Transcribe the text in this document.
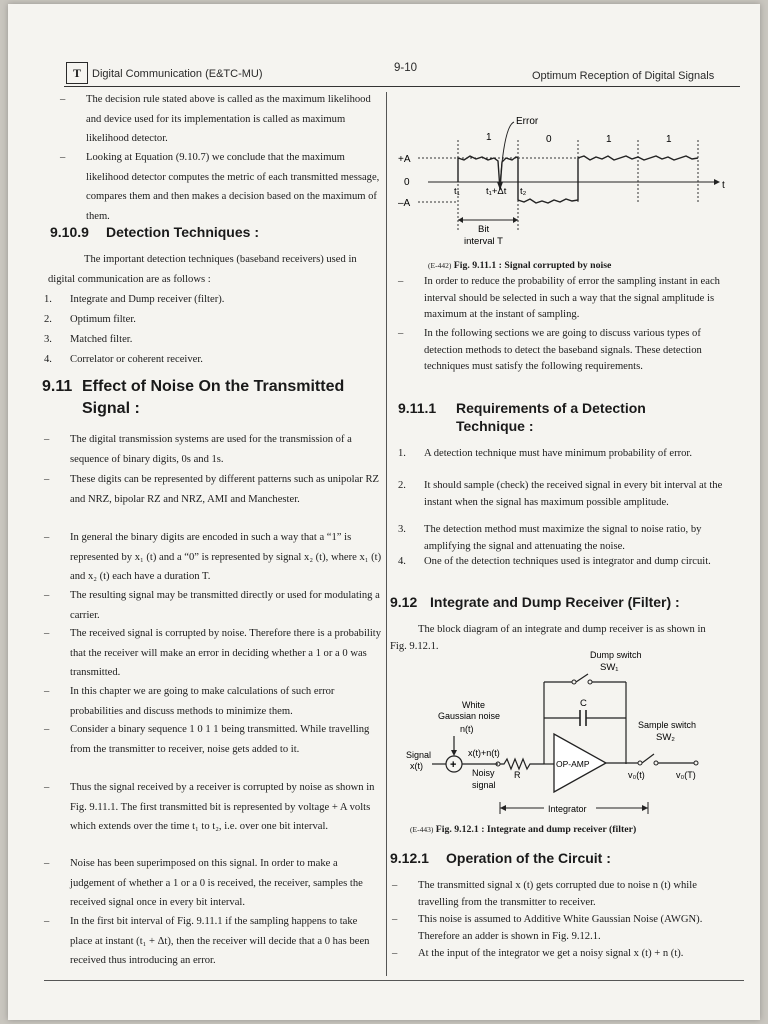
T	Digital Communication (E&TC-MU)	9-10
Optimum Reception of Digital Signals
– The decision rule stated above is called as the maximum likelihood and device used for its implementation is called as maximum likelihood detector.
– Looking at Equation (9.10.7) we conclude that the maximum likelihood detector computes the metric of each transmitted message, compares them and then makes a decision based on the maximum of them.
9.10.9 Detection Techniques :
The important detection techniques (baseband receivers) used in digital communication are as follows :
1. Integrate and Dump receiver (filter).
2. Optimum filter.
3. Matched filter.
4. Correlator or coherent receiver.
9.11 Effect of Noise On the Transmitted
Signal :
– The digital transmission systems are used for the transmission of a sequence of binary digits, 0s and 1s.
– These digits can be represented by different patterns such as unipolar RZ and NRZ, bipolar RZ and NRZ, AMI and Manchester.
– In general the binary digits are encoded in such a way that a “1” is represented by x₁ (t) and a “0” is represented by signal x₂ (t), where x₁ (t) and x₂ (t) each have a duration T.
– The resulting signal may be transmitted directly or used for modulating a carrier.
– The received signal is corrupted by noise. Therefore there is a probability that the receiver will make an error in deciding whether a 1 or a 0 was transmitted.
– In this chapter we are going to make calculations of such error probabilities and discuss methods to minimize them.
– Consider a binary sequence 1 0 1 1 being transmitted. While travelling from the transmitter to receiver, noise gets added to it.
– Thus the signal received by a receiver is corrupted by noise as shown in Fig. 9.11.1. The first transmitted bit is represented by voltage + A volts which extends over the time t₁ to t₂, i.e. over one bit interval.
– Noise has been superimposed on this signal. In order to make a judgement of whether a 1 or a 0 is received, the receiver, samples the received signal once in every bit interval.
– In the first bit interval of Fig. 9.11.1 if the sampling happens to take place at instant (t₁ + Δt), then the receiver will decide that a 0 has been received thus introducing an error.
Error
1	0	1	1
+A
0
–A
t₁	t₁+Δt t₂
t
Bit
interval T
(E-442) Fig. 9.11.1 : Signal corrupted by noise
– In order to reduce the probability of error the sampling instant in each interval should be selected in such a way that the signal amplitude is maximum at the instant of sampling.
– In the following sections we are going to discuss various types of detection methods to detect the baseband signals. These detection techniques must satisfy the following requirements.
9.11.1 Requirements of a Detection
Technique :
1. A detection technique must have minimum probability of error.
2. It should sample (check) the received signal in every bit interval at the instant when the signal has maximum possible amplitude.
3. The detection method must maximize the signal to noise ratio, by amplifying the signal and attenuating the noise.
4. One of the detection techniques used is integrator and dump circuit.
9.12 Integrate and Dump Receiver (Filter) :
The block diagram of an integrate and dump receiver is as shown in Fig. 9.12.1.
+
Dump switch
SW₁
C
White
Gaussian noise
n(t)
x(t)+n(t)
Signal
x(t)
Noisy
signal
R
OP-AMP
Sample switch
SW₂
v₀(t)	v₀(T)
Integrator
(E-443) Fig. 9.12.1 : Integrate and dump receiver (filter)
9.12.1 Operation of the Circuit :
– The transmitted signal x (t) gets corrupted due to noise n (t) while travelling from the transmitter to receiver.
– This noise is assumed to Additive White Gaussian Noise (AWGN). Therefore an adder is shown in Fig. 9.12.1.
– At the input of the integrator we get a noisy signal x (t) + n (t).
